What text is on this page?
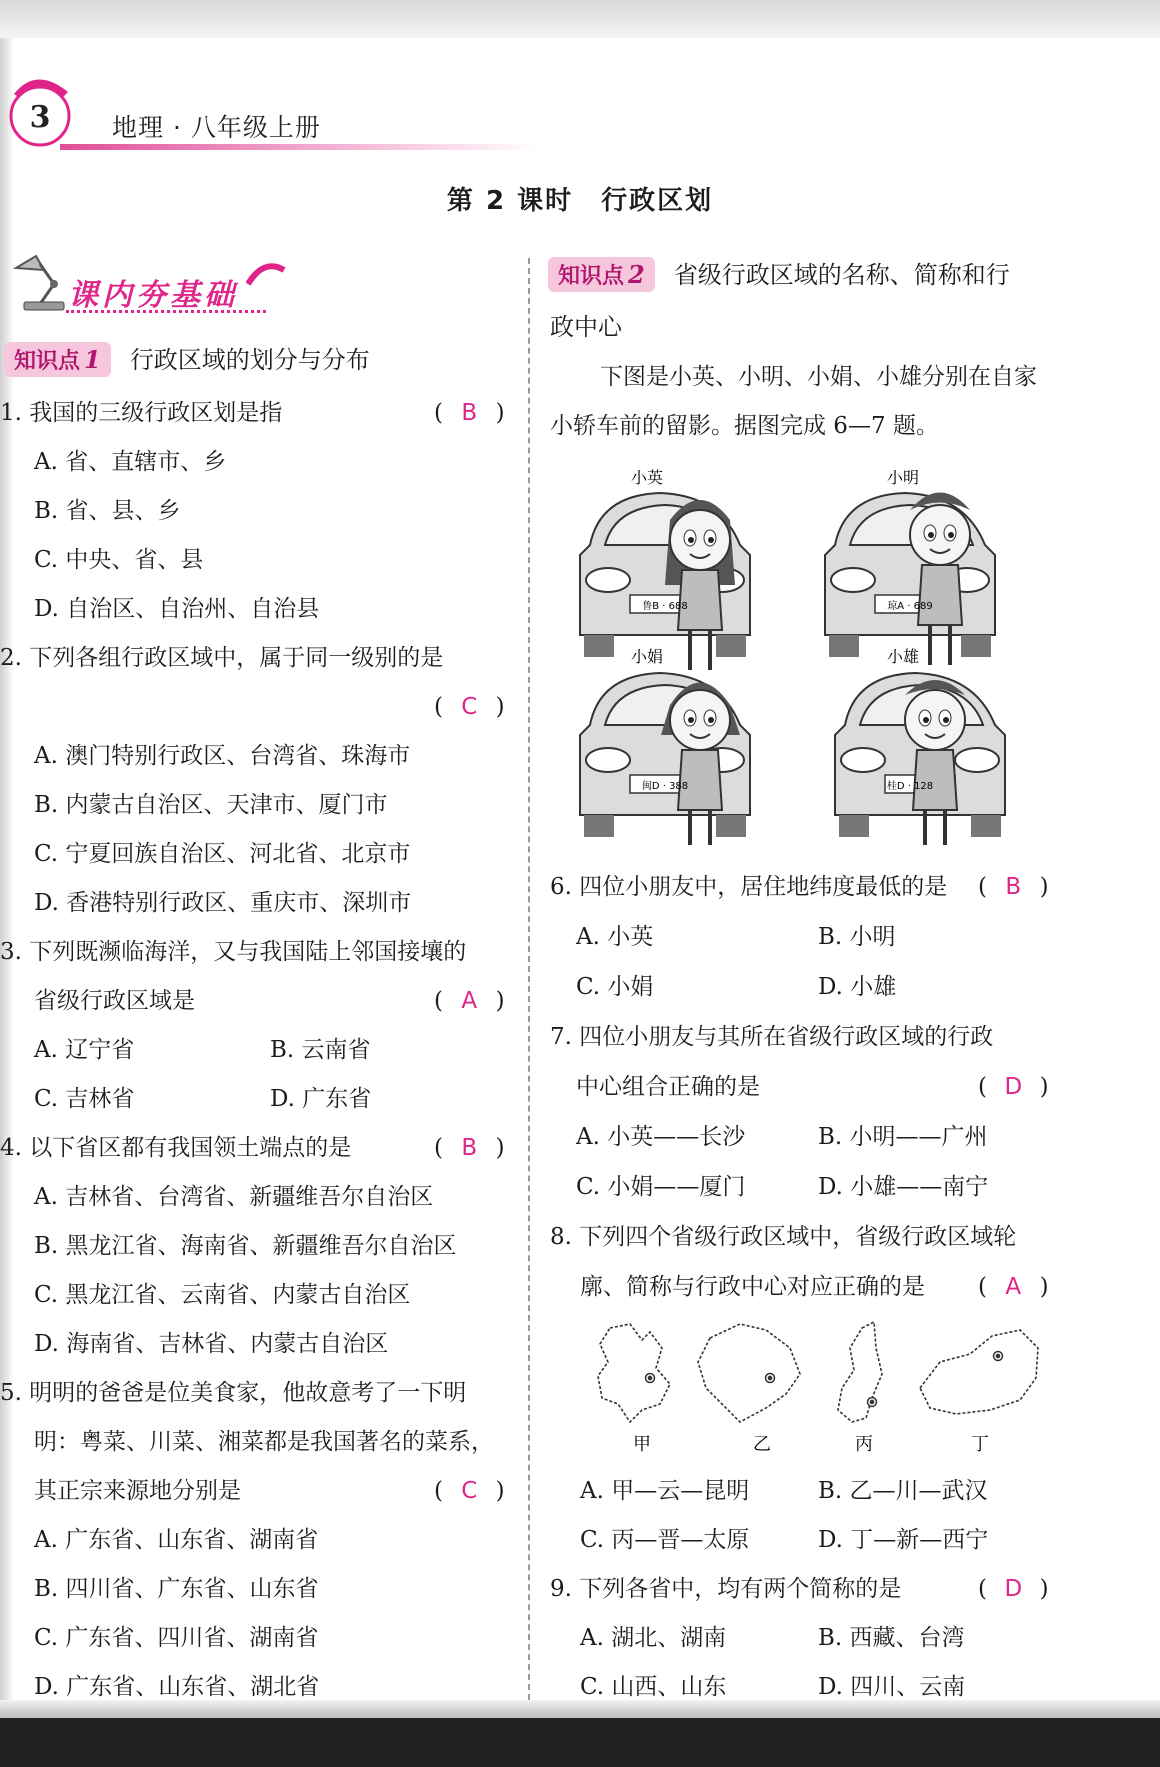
3 地理 · 八年级上册
第 2 课时　行政区划
课内夯基础
知识点 1 行政区域的划分与分布
1. 我国的三级行政区划是指	( B )
A. 省、直辖市、乡
B. 省、县、乡
C. 中央、省、县
D. 自治区、自治州、自治县
2. 下列各组行政区域中，属于同一级别的是
( C )
A. 澳门特别行政区、台湾省、珠海市
B. 内蒙古自治区、天津市、厦门市
C. 宁夏回族自治区、河北省、北京市
D. 香港特别行政区、重庆市、深圳市
3. 下列既濒临海洋，又与我国陆上邻国接壤的
省级行政区域是	( A )
A. 辽宁省	B. 云南省
C. 吉林省	D. 广东省
4. 以下省区都有我国领土端点的是	( B )
A. 吉林省、台湾省、新疆维吾尔自治区
B. 黑龙江省、海南省、新疆维吾尔自治区
C. 黑龙江省、云南省、内蒙古自治区
D. 海南省、吉林省、内蒙古自治区
5. 明明的爸爸是位美食家，他故意考了一下明
明：粤菜、川菜、湘菜都是我国著名的菜系，
其正宗来源地分别是	( C )
A. 广东省、山东省、湖南省
B. 四川省、广东省、山东省
C. 广东省、四川省、湖南省
D. 广东省、山东省、湖北省
知识点 2 省级行政区域的名称、简称和行
政中心
下图是小英、小明、小娟、小雄分别在自家
小轿车前的留影。据图完成 6—7 题。
小英
鲁B · 688
小明
琼A · 689
小娟
闽D · 388
小雄
桂D · 128
6. 四位小朋友中，居住地纬度最低的是 ( B )
A. 小英	B. 小明
C. 小娟	D. 小雄
7. 四位小朋友与其所在省级行政区域的行政
中心组合正确的是	( D )
A. 小英——长沙	B. 小明——广州
C. 小娟——厦门	D. 小雄——南宁
8. 下列四个省级行政区域中，省级行政区域轮
廓、简称与行政中心对应正确的是 ( A )
甲	乙	丙	丁
A. 甲—云—昆明	B. 乙—川—武汉
C. 丙—晋—太原	D. 丁—新—西宁
9. 下列各省中，均有两个简称的是	( D )
A. 湖北、湖南	B. 西藏、台湾
C. 山西、山东	D. 四川、云南
